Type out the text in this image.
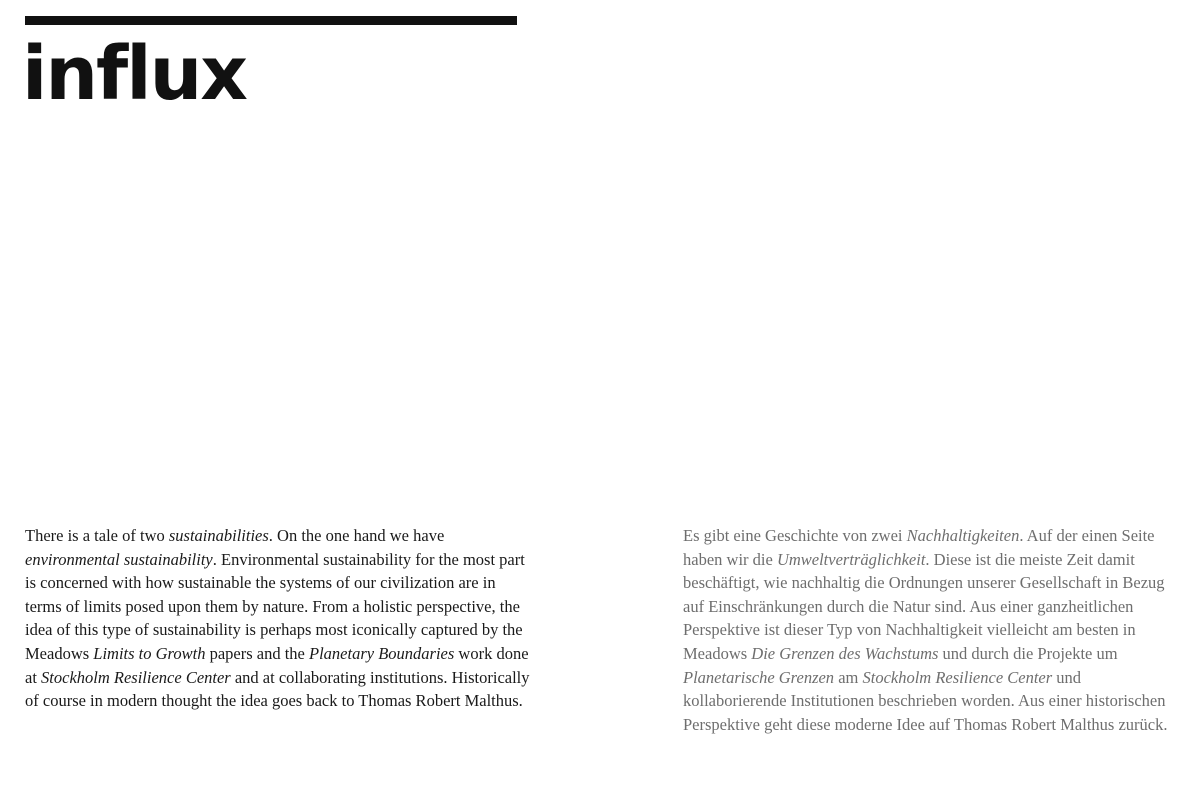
influx

There is a tale of two sustainabilities. On the one hand we have environmental sustainability. Environmental sustainability for the most part is concerned with how sustainable the systems of our civilization are in terms of limits posed upon them by nature. From a holistic perspective, the idea of this type of sustainability is perhaps most iconically captured by the Meadows Limits to Growth papers and the Planetary Boundaries work done at Stockholm Resilience Center and at collaborating institutions. Historically of course in modern thought the idea goes back to Thomas Robert Malthus.

Es gibt eine Geschichte von zwei Nachhaltigkeiten. Auf der einen Seite haben wir die Umweltverträglichkeit. Diese ist die meiste Zeit damit beschäftigt, wie nachhaltig die Ordnungen unserer Gesellschaft in Bezug auf Einschränkungen durch die Natur sind. Aus einer ganzheitlichen Perspektive ist dieser Typ von Nachhaltigkeit vielleicht am besten in Meadows Die Grenzen des Wachstums und durch die Projekte um Planetarische Grenzen am Stockholm Resilience Center und kollaborierende Institutionen beschrieben worden. Aus einer historischen Perspektive geht diese moderne Idee auf Thomas Robert Malthus zurück.
